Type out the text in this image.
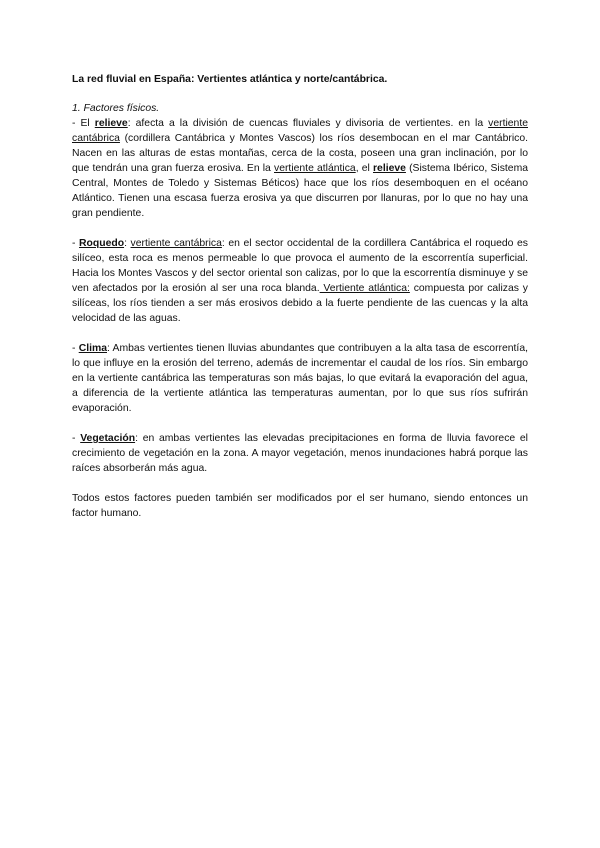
La red fluvial en España: Vertientes atlántica y norte/cantábrica.

1. Factores físicos.

- El relieve: afecta a la división de cuencas fluviales y divisoria de vertientes. en la vertiente cantábrica (cordillera Cantábrica y Montes Vascos) los ríos desembocan en el mar Cantábrico. Nacen en las alturas de estas montañas, cerca de la costa, poseen una gran inclinación, por lo que tendrán una gran fuerza erosiva. En la vertiente atlántica, el relieve (Sistema Ibérico, Sistema Central, Montes de Toledo y Sistemas Béticos) hace que los ríos desemboquen en el océano Atlántico. Tienen una escasa fuerza erosiva ya que discurren por llanuras, por lo que no hay una gran pendiente.

- Roquedo: vertiente cantábrica: en el sector occidental de la cordillera Cantábrica el roquedo es silíceo, esta roca es menos permeable lo que provoca el aumento de la escorrentía superficial. Hacia los Montes Vascos y del sector oriental son calizas, por lo que la escorrentía disminuye y se ven afectados por la erosión al ser una roca blanda. Vertiente atlántica: compuesta por calizas y silíceas, los ríos tienden a ser más erosivos debido a la fuerte pendiente de las cuencas y la alta velocidad de las aguas.

- Clima: Ambas vertientes tienen lluvias abundantes que contribuyen a la alta tasa de escorrentía, lo que influye en la erosión del terreno, además de incrementar el caudal de los ríos. Sin embargo en la vertiente cantábrica las temperaturas son más bajas, lo que evitará la evaporación del agua, a diferencia de la vertiente atlántica las temperaturas aumentan, por lo que sus ríos sufrirán evaporación.

- Vegetación: en ambas vertientes las elevadas precipitaciones en forma de lluvia favorece el crecimiento de vegetación en la zona. A mayor vegetación, menos inundaciones habrá porque las raíces absorberán más agua.

Todos estos factores pueden también ser modificados por el ser humano, siendo entonces un factor humano.
